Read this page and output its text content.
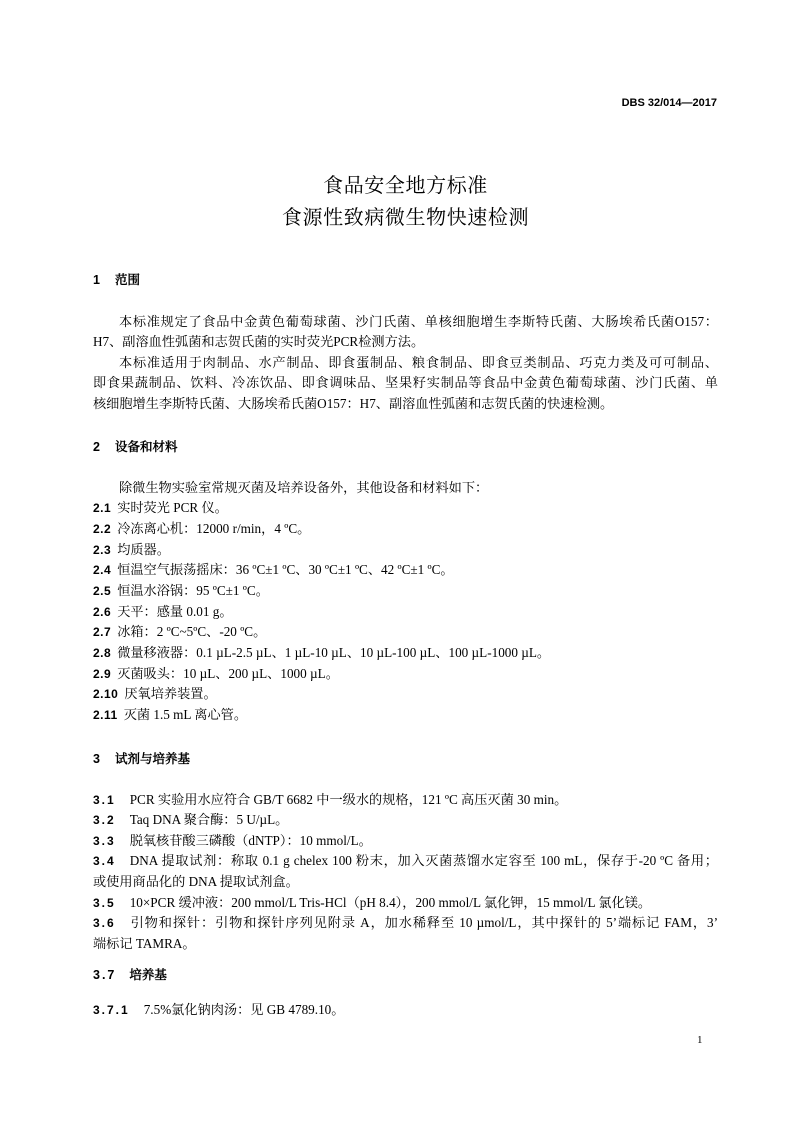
DBS 32/014—2017
食品安全地方标准
食源性致病微生物快速检测
1 范围
本标准规定了食品中金黄色葡萄球菌、沙门氏菌、单核细胞增生李斯特氏菌、大肠埃希氏菌O157：
H7、副溶血性弧菌和志贺氏菌的实时荧光PCR检测方法。
本标准适用于肉制品、水产制品、即食蛋制品、粮食制品、即食豆类制品、巧克力类及可可制品、
即食果蔬制品、饮料、冷冻饮品、即食调味品、坚果籽实制品等食品中金黄色葡萄球菌、沙门氏菌、单
核细胞增生李斯特氏菌、大肠埃希氏菌O157：H7、副溶血性弧菌和志贺氏菌的快速检测。
2 设备和材料
除微生物实验室常规灭菌及培养设备外，其他设备和材料如下：
2.1 实时荧光 PCR 仪。
2.2 冷冻离心机：12000 r/min，4 ºC。
2.3 均质器。
2.4 恒温空气振荡摇床：36 ºC±1 ºC、30 ºC±1 ºC、42 ºC±1 ºC。
2.5 恒温水浴锅：95 ºC±1 ºC。
2.6 天平：感量 0.01 g。
2.7 冰箱：2 ºC~5ºC、-20 ºC。
2.8 微量移液器：0.1 µL-2.5 µL、1 µL-10 µL、10 µL-100 µL、100 µL-1000 µL。
2.9 灭菌吸头：10 µL、200 µL、1000 µL。
2.10 厌氧培养装置。
2.11 灭菌 1.5 mL 离心管。
3 试剂与培养基
3.1 PCR 实验用水应符合 GB/T 6682 中一级水的规格，121 ºC 高压灭菌 30 min。
3.2 Taq DNA 聚合酶：5 U/µL。
3.3 脱氧核苷酸三磷酸（dNTP）：10 mmol/L。
3.4 DNA 提取试剂：称取 0.1 g chelex 100 粉末，加入灭菌蒸馏水定容至 100 mL，保存于-20 ºC 备用；
或使用商品化的 DNA 提取试剂盒。
3.5 10×PCR 缓冲液：200 mmol/L Tris-HCl（pH 8.4），200 mmol/L 氯化钾，15 mmol/L 氯化镁。
3.6 引物和探针：引物和探针序列见附录 A，加水稀释至 10 µmol/L，其中探针的 5’端标记 FAM，3’
端标记 TAMRA。
3.7 培养基
3.7.1 7.5%氯化钠肉汤：见 GB 4789.10。
1
